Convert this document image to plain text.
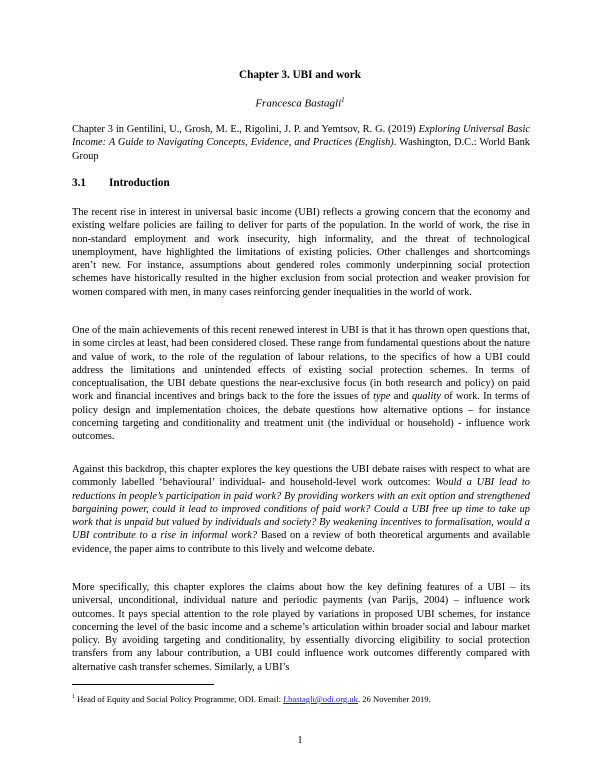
Chapter 3. UBI and work
Francesca Bastagli$^1$
Chapter 3 in Gentilini, U., Grosh, M. E., Rigolini, J. P. and Yemtsov, R. G. (2019) Exploring Universal Basic Income: A Guide to Navigating Concepts, Evidence, and Practices (English). Washington, D.C.: World Bank Group
3.1 Introduction
The recent rise in interest in universal basic income (UBI) reflects a growing concern that the economy and existing welfare policies are failing to deliver for parts of the population. In the world of work, the rise in non-standard employment and work insecurity, high informality, and the threat of technological unemployment, have highlighted the limitations of existing policies. Other challenges and shortcomings aren’t new. For instance, assumptions about gendered roles commonly underpinning social protection schemes have historically resulted in the higher exclusion from social protection and weaker provision for women compared with men, in many cases reinforcing gender inequalities in the world of work.
One of the main achievements of this recent renewed interest in UBI is that it has thrown open questions that, in some circles at least, had been considered closed. These range from fundamental questions about the nature and value of work, to the role of the regulation of labour relations, to the specifics of how a UBI could address the limitations and unintended effects of existing social protection schemes. In terms of conceptualisation, the UBI debate questions the near-exclusive focus (in both research and policy) on paid work and financial incentives and brings back to the fore the issues of type and quality of work. In terms of policy design and implementation choices, the debate questions how alternative options – for instance concerning targeting and conditionality and treatment unit (the individual or household) - influence work outcomes.
Against this backdrop, this chapter explores the key questions the UBI debate raises with respect to what are commonly labelled ‘behavioural’ individual- and household-level work outcomes: Would a UBI lead to reductions in people’s participation in paid work? By providing workers with an exit option and strengthened bargaining power, could it lead to improved conditions of paid work? Could a UBI free up time to take up work that is unpaid but valued by individuals and society? By weakening incentives to formalisation, would a UBI contribute to a rise in informal work? Based on a review of both theoretical arguments and available evidence, the paper aims to contribute to this lively and welcome debate.
More specifically, this chapter explores the claims about how the key defining features of a UBI – its universal, unconditional, individual nature and periodic payments (van Parijs, 2004) – influence work outcomes. It pays special attention to the role played by variations in proposed UBI schemes, for instance concerning the level of the basic income and a scheme’s articulation within broader social and labour market policy. By avoiding targeting and conditionality, by essentially divorcing eligibility to social protection transfers from any labour contribution, a UBI could influence work outcomes differently compared with alternative cash transfer schemes. Similarly, a UBI’s
$^1$ Head of Equity and Social Policy Programme, ODI. Email: f.bastagli@odi.org.uk. 26 November 2019.
1
